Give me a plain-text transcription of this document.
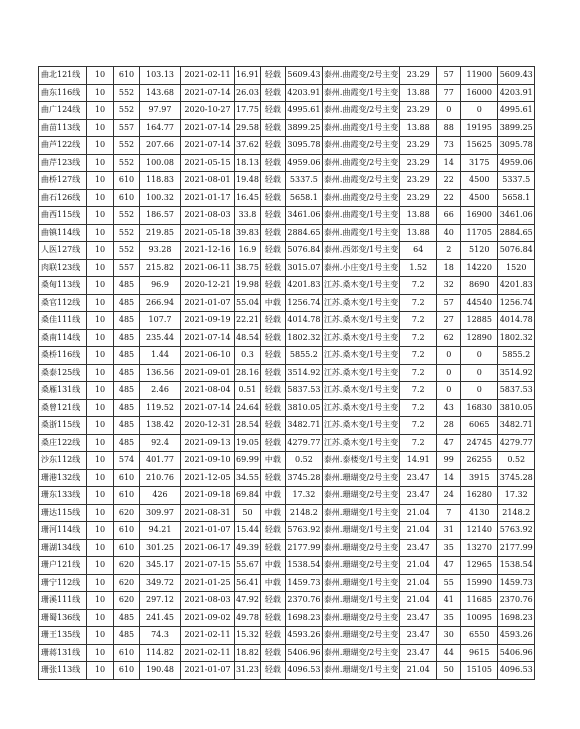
曲北121线	10	610	103.13	2021-02-11	16.91	轻载	5609.43	泰州.曲霞变/2号主变	23.29	57	11900	5609.43
曲东116线	10	552	143.68	2021-07-14	26.03	轻载	4203.91	泰州.曲霞变/1号主变	13.88	77	16000	4203.91
曲广124线	10	552	97.97	2020-10-27	17.75	轻载	4995.61	泰州.曲霞变/2号主变	23.29	0	0	4995.61
曲苗113线	10	557	164.77	2021-07-14	29.58	轻载	3899.25	泰州.曲霞变/1号主变	13.88	88	19195	3899.25
曲芦122线	10	552	207.66	2021-07-14	37.62	轻载	3095.78	泰州.曲霞变/2号主变	23.29	73	15625	3095.78
曲芹123线	10	552	100.08	2021-05-15	18.13	轻载	4959.06	泰州.曲霞变/2号主变	23.29	14	3175	4959.06
曲桥127线	10	610	118.83	2021-08-01	19.48	轻载	5337.5	泰州.曲霞变/2号主变	23.29	22	4500	5337.5
曲石126线	10	610	100.32	2021-01-17	16.45	轻载	5658.1	泰州.曲霞变/2号主变	23.29	22	4500	5658.1
曲西115线	10	552	186.57	2021-08-03	33.8	轻载	3461.06	泰州.曲霞变/1号主变	13.88	66	16900	3461.06
曲镇114线	10	552	219.85	2021-05-18	39.83	轻载	2884.65	泰州.曲霞变/1号主变	13.88	40	11705	2884.65
人医127线	10	552	93.28	2021-12-16	16.9	轻载	5076.84	泰州.西郊变/1号主变	64	2	5120	5076.84
肉联123线	10	557	215.82	2021-06-11	38.75	轻载	3015.07	泰州.小庄变/1号主变	1.52	18	14220	1520
桑甸113线	10	485	96.9	2020-12-21	19.98	轻载	4201.83	江苏.桑木变/1号主变	7.2	32	8690	4201.83
桑官112线	10	485	266.94	2021-01-07	55.04	中载	1256.74	江苏.桑木变/1号主变	7.2	57	44540	1256.74
桑佳111线	10	485	107.7	2021-09-19	22.21	轻载	4014.78	江苏.桑木变/1号主变	7.2	27	12885	4014.78
桑南114线	10	485	235.44	2021-07-14	48.54	轻载	1802.32	江苏.桑木变/1号主变	7.2	62	12890	1802.32
桑桥116线	10	485	1.44	2021-06-10	0.3	轻载	5855.2	江苏.桑木变/1号主变	7.2	0	0	5855.2
桑泰125线	10	485	136.56	2021-09-01	28.16	轻载	3514.92	江苏.桑木变/1号主变	7.2	0	0	3514.92
桑雁131线	10	485	2.46	2021-08-04	0.51	轻载	5837.53	江苏.桑木变/1号主变	7.2	0	0	5837.53
桑曾121线	10	485	119.52	2021-07-14	24.64	轻载	3810.05	江苏.桑木变/1号主变	7.2	43	16830	3810.05
桑浙115线	10	485	138.42	2020-12-31	28.54	轻载	3482.71	江苏.桑木变/1号主变	7.2	28	6065	3482.71
桑庄122线	10	485	92.4	2021-09-13	19.05	轻载	4279.77	江苏.桑木变/1号主变	7.2	47	24745	4279.77
沙东112线	10	574	401.77	2021-09-10	69.99	中载	0.52	泰州.泰楼变/1号主变	14.91	99	26255	0.52
珊港132线	10	610	210.76	2021-12-05	34.55	轻载	3745.28	泰州.珊瑚变/2号主变	23.47	14	3915	3745.28
珊东133线	10	610	426	2021-09-18	69.84	中载	17.32	泰州.珊瑚变/2号主变	23.47	24	16280	17.32
珊达115线	10	620	309.97	2021-08-31	50	中载	2148.2	泰州.珊瑚变/1号主变	21.04	7	4130	2148.2
珊河114线	10	610	94.21	2021-01-07	15.44	轻载	5763.92	泰州.珊瑚变/1号主变	21.04	31	12140	5763.92
珊湖134线	10	610	301.25	2021-06-17	49.39	轻载	2177.99	泰州.珊瑚变/2号主变	23.47	35	13270	2177.99
珊户121线	10	620	345.17	2021-07-15	55.67	中载	1538.54	泰州.珊瑚变/2号主变	21.04	47	12965	1538.54
珊宁112线	10	620	349.72	2021-01-25	56.41	中载	1459.73	泰州.珊瑚变/1号主变	21.04	55	15990	1459.73
珊溪111线	10	620	297.12	2021-08-03	47.92	轻载	2370.76	泰州.珊瑚变/1号主变	21.04	41	11685	2370.76
珊蜀136线	10	485	241.45	2021-09-02	49.78	轻载	1698.23	泰州.珊瑚变/2号主变	23.47	35	10095	1698.23
珊王135线	10	485	74.3	2021-02-11	15.32	轻载	4593.26	泰州.珊瑚变/2号主变	23.47	30	6550	4593.26
珊蒋131线	10	610	114.82	2021-02-11	18.82	轻载	5406.96	泰州.珊瑚变/2号主变	23.47	44	9615	5406.96
珊张113线	10	610	190.48	2021-01-07	31.23	轻载	4096.53	泰州.珊瑚变/1号主变	21.04	50	15105	4096.53
